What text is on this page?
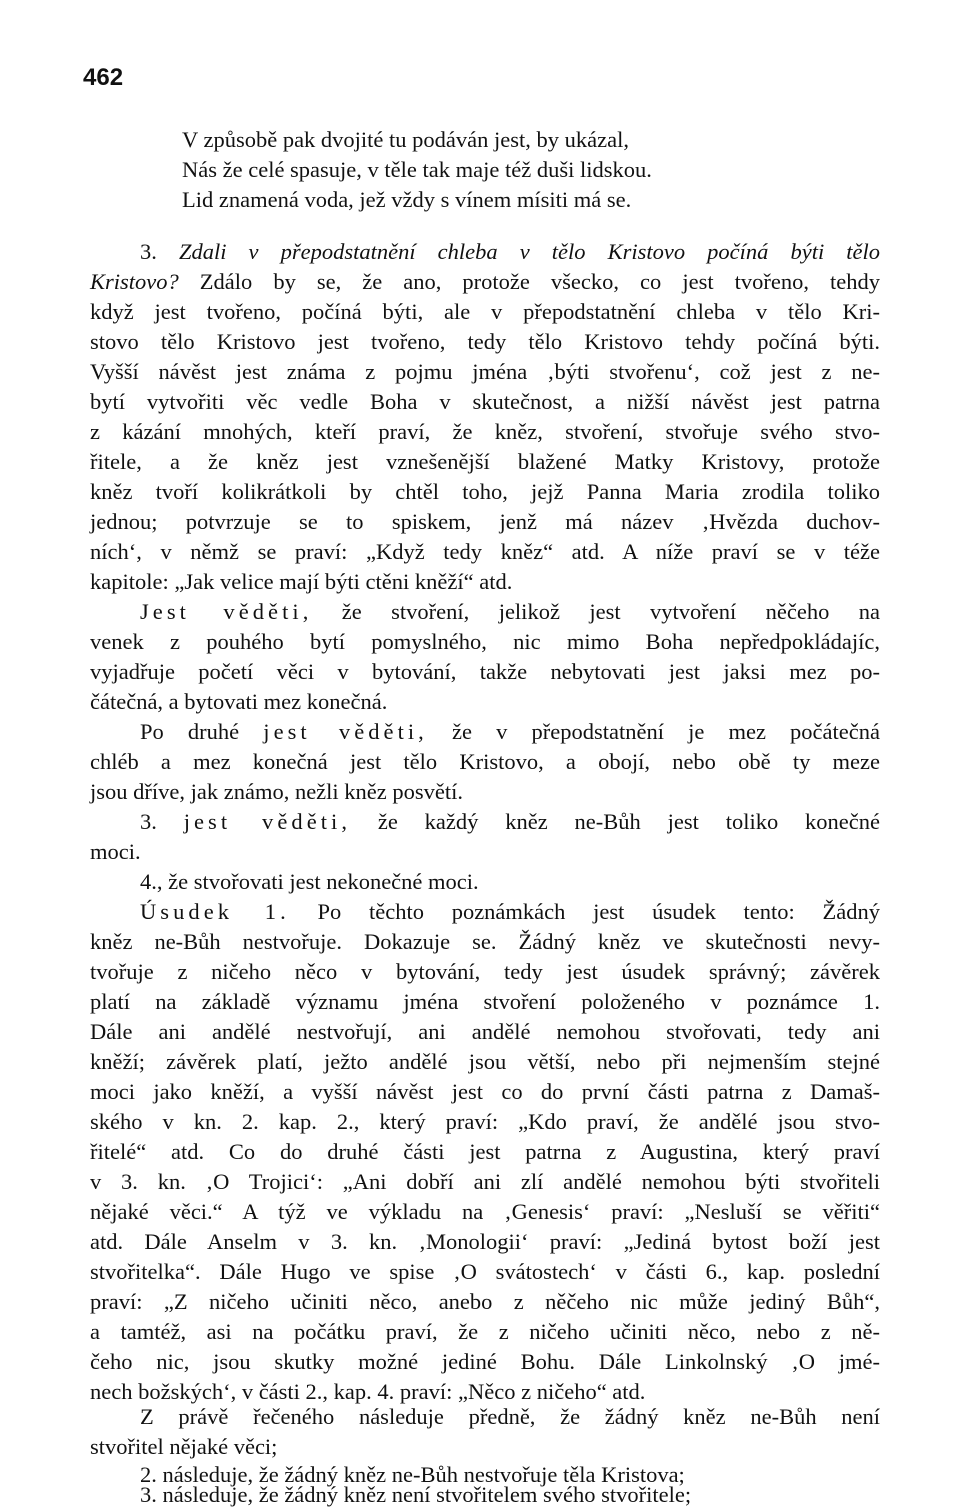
462
V způsobě pak dvojité tu podáván jest, by ukázal,
Nás že celé spasuje, v těle tak maje též duši lidskou.
Lid znamená voda, jež vždy s vínem mísiti má se.
3. Zdali v přepodstatnění chleba v tělo Kristovo počíná býti tělo
Kristovo? Zdálo by se, že ano, protože všecko, co jest tvořeno, tehdy
když jest tvořeno, počíná býti, ale v přepodstatnění chleba v tělo Kri-
stovo tělo Kristovo jest tvořeno, tedy tělo Kristovo tehdy počíná býti.
Vyšší návěst jest známa z pojmu jména ‚býti stvořenu‘, což jest z ne-
bytí vytvořiti věc vedle Boha v skutečnost, a nižší návěst jest patrna
z kázání mnohých, kteří praví, že kněz, stvoření, stvořuje svého stvo-
řitele, a že kněz jest vznešenější blažené Matky Kristovy, protože
kněz tvoří kolikrátkoli by chtěl toho, jejž Panna Maria zrodila toliko
jednou; potvrzuje se to spiskem, jenž má název ‚Hvězda duchov-
ních‘, v němž se praví: „Když tedy kněz“ atd. A níže praví se v téže
kapitole: „Jak velice mají býti ctěni kněží“ atd.
Jest věděti, že stvoření, jelikož jest vytvoření něčeho na
venek z pouhého bytí pomyslného, nic mimo Boha nepředpokládajíc,
vyjadřuje početí věci v bytování, takže nebytovati jest jaksi mez po-
čátečná, a bytovati mez konečná.
Po druhé jest věděti, že v přepodstatnění je mez počátečná
chléb a mez konečná jest tělo Kristovo, a obojí, nebo obě ty meze
jsou dříve, jak známo, nežli kněz posvětí.
3. jest věděti, že každý kněz ne-Bůh jest toliko konečné
moci.
4., že stvořovati jest nekonečné moci.
Úsudek 1. Po těchto poznámkách jest úsudek tento: Žádný
kněz ne-Bůh nestvořuje. Dokazuje se. Žádný kněz ve skutečnosti nevy-
tvořuje z ničeho něco v bytování, tedy jest úsudek správný; závěrek
platí na základě významu jména stvoření položeného v poznámce 1.
Dále ani andělé nestvořují, ani andělé nemohou stvořovati, tedy ani
kněží; závěrek platí, ježto andělé jsou větší, nebo při nejmenším stejné
moci jako kněží, a vyšší návěst jest co do první části patrna z Damaš-
ského v kn. 2. kap. 2., který praví: „Kdo praví, že andělé jsou stvo-
řitelé“ atd. Co do druhé části jest patrna z Augustina, který praví
v 3. kn. ‚O Trojici‘: „Ani dobří ani zlí andělé nemohou býti stvořiteli
nějaké věci.“ A týž ve výkladu na ‚Genesis‘ praví: „Nesluší se věřiti“
atd. Dále Anselm v 3. kn. ‚Monologii‘ praví: „Jediná bytost boží jest
stvořitelka“. Dále Hugo ve spise ‚O svátostech‘ v části 6., kap. poslední
praví: „Z ničeho učiniti něco, anebo z něčeho nic může jediný Bůh“,
a tamtéž, asi na počátku praví, že z ničeho učiniti něco, nebo z ně-
čeho nic, jsou skutky možné jediné Bohu. Dále Linkolnský ‚O jmé-
nech božských‘, v části 2., kap. 4. praví: „Něco z ničeho“ atd.
Z právě řečeného následuje předně, že žádný kněz ne-Bůh není
stvořitel nějaké věci;
2. následuje, že žádný kněz ne-Bůh nestvořuje těla Kristova;
3. následuje, že žádný kněz není stvořitelem svého stvořitele;
